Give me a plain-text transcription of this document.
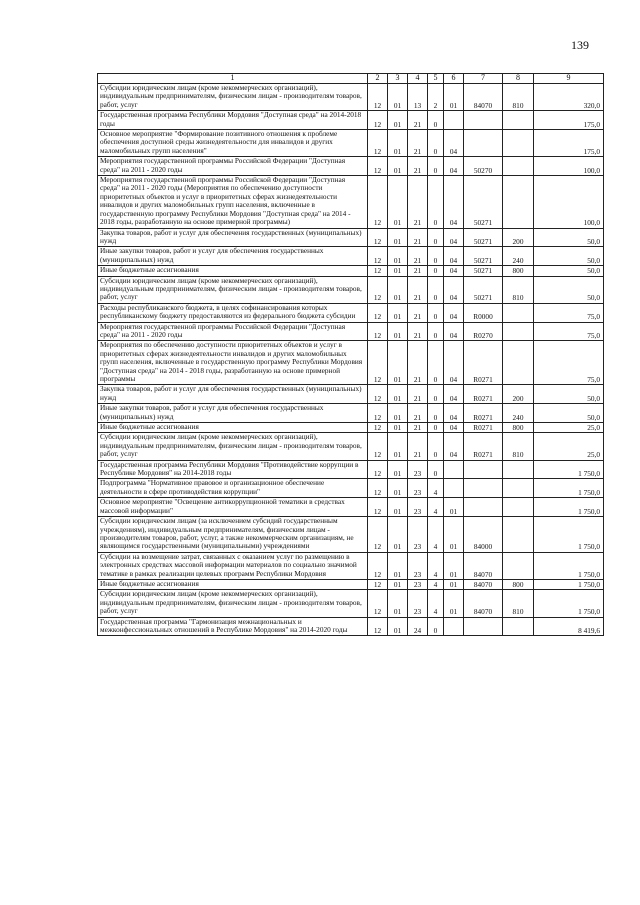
139
1	2	3	4	5	6	7	8	9
Субсидии юридическим лицам (кроме некоммерческих организаций), индивидуальным предпринимателям, физическим лицам - производителям товаров, работ, услуг	12	01	13	2	01	84070	810	320,0
Государственная программа Республики Мордовия "Доступная среда" на 2014-2018 годы	12	01	21	0				175,0
Основное мероприятие "Формирование позитивного отношения к проблеме обеспечения доступной среды жизнедеятельности для инвалидов и других маломобильных групп населения"	12	01	21	0	04			175,0
Мероприятия государственной программы Российской Федерации "Доступная среда" на 2011 - 2020 годы	12	01	21	0	04	50270		100,0
Мероприятия государственной программы Российской Федерации "Доступная среда" на 2011 - 2020 годы (Мероприятия по обеспечению доступности приоритетных объектов и услуг в приоритетных сферах жизнедеятельности инвалидов и других маломобильных групп населения, включенные в государственную программу Республики Мордовия "Доступная среда" на 2014 - 2018 годы, разработанную на основе примерной программы)	12	01	21	0	04	50271		100,0
Закупка товаров, работ и услуг для обеспечения государственных (муниципальных) нужд	12	01	21	0	04	50271	200	50,0
Иные закупки товаров, работ и услуг для обеспечения государственных (муниципальных) нужд	12	01	21	0	04	50271	240	50,0
Иные бюджетные ассигнования	12	01	21	0	04	50271	800	50,0
Субсидии юридическим лицам (кроме некоммерческих организаций), индивидуальным предпринимателям, физическим лицам - производителям товаров, работ, услуг	12	01	21	0	04	50271	810	50,0
Расходы республиканского бюджета, в целях софинансирования которых республиканскому бюджету предоставляются из федерального бюджета субсидии	12	01	21	0	04	R0000		75,0
Мероприятия государственной программы Российской Федерации "Доступная среда" на 2011 - 2020 годы	12	01	21	0	04	R0270		75,0
Мероприятия по обеспечению доступности приоритетных объектов и услуг в приоритетных сферах жизнедеятельности инвалидов и других маломобильных групп населения, включенные в государственную программу Республики Мордовия "Доступная среда" на 2014 - 2018 годы, разработанную на основе примерной программы	12	01	21	0	04	R0271		75,0
Закупка товаров, работ и услуг для обеспечения государственных (муниципальных) нужд	12	01	21	0	04	R0271	200	50,0
Иные закупки товаров, работ и услуг для обеспечения государственных (муниципальных) нужд	12	01	21	0	04	R0271	240	50,0
Иные бюджетные ассигнования	12	01	21	0	04	R0271	800	25,0
Субсидии юридическим лицам (кроме некоммерческих организаций), индивидуальным предпринимателям, физическим лицам - производителям товаров, работ, услуг	12	01	21	0	04	R0271	810	25,0
Государственная программа Республики Мордовия "Противодействие коррупции в Республике Мордовия" на 2014-2018 годы	12	01	23	0				1 750,0
Подпрограмма "Нормативное правовое и организационное обеспечение деятельности в сфере противодействия коррупции"	12	01	23	4				1 750,0
Основное мероприятие "Освещение антикоррупционной тематики в средствах массовой информации"	12	01	23	4	01			1 750,0
Субсидии юридическим лицам (за исключением субсидий государственным учреждениям), индивидуальным предпринимателям, физическим лицам - производителям товаров, работ, услуг, а также некоммерческим организациям, не являющимся государственными (муниципальными) учреждениями	12	01	23	4	01	84000		1 750,0
Субсидии на возмещение затрат, связанных с оказанием услуг по размещению в электронных средствах массовой информации материалов по социально значимой тематике в рамках реализации целевых программ Республики Мордовия	12	01	23	4	01	84070		1 750,0
Иные бюджетные ассигнования	12	01	23	4	01	84070	800	1 750,0
Субсидии юридическим лицам (кроме некоммерческих организаций), индивидуальным предпринимателям, физическим лицам - производителям товаров, работ, услуг	12	01	23	4	01	84070	810	1 750,0
Государственная программа "Гармонизация межнациональных и межконфессиональных отношений в Республике Мордовия" на 2014-2020 годы	12	01	24	0				8 419,6
